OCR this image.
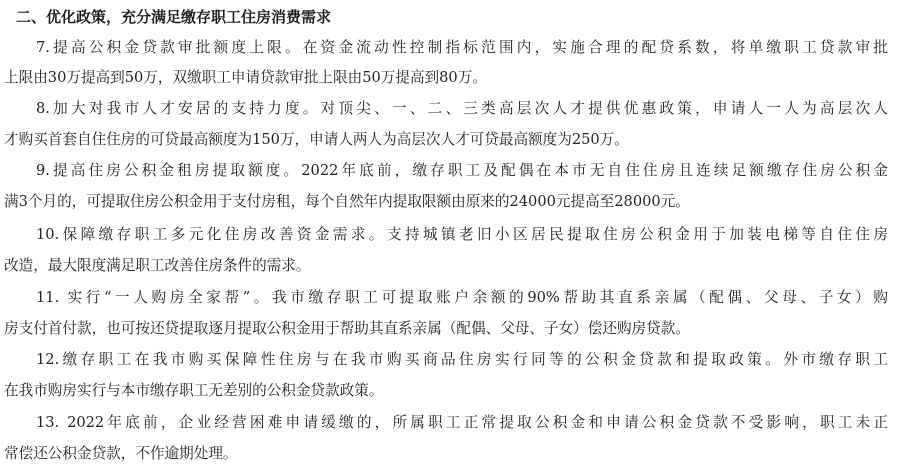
二、优化政策，充分满足缴存职工住房消费需求
7.提高公积金贷款审批额度上限。在资金流动性控制指标范围内，实施合理的配贷系数，将单缴职工贷款审批
上限由30万提高到50万，双缴职工申请贷款审批上限由50万提高到80万。
8.加大对我市人才安居的支持力度。对顶尖、一、二、三类高层次人才提供优惠政策，申请人一人为高层次人
才购买首套自住住房的可贷最高额度为150万，申请人两人为高层次人才可贷最高额度为250万。
9.提高住房公积金租房提取额度。2022年底前，缴存职工及配偶在本市无自住住房且连续足额缴存住房公积金
满3个月的，可提取住房公积金用于支付房租，每个自然年内提取限额由原来的24000元提高至28000元。
10.保障缴存职工多元化住房改善资金需求。支持城镇老旧小区居民提取住房公积金用于加装电梯等自住住房
改造，最大限度满足职工改善住房条件的需求。
11. 实行“一人购房全家帮”。我市缴存职工可提取账户余额的90%帮助其直系亲属（配偶、父母、子女）购
房支付首付款，也可按还贷提取逐月提取公积金用于帮助其直系亲属（配偶、父母、子女）偿还购房贷款。
12.缴存职工在我市购买保障性住房与在我市购买商品住房实行同等的公积金贷款和提取政策。外市缴存职工
在我市购房实行与本市缴存职工无差别的公积金贷款政策。
13. 2022年底前，企业经营困难申请缓缴的，所属职工正常提取公积金和申请公积金贷款不受影响，职工未正
常偿还公积金贷款，不作逾期处理。
